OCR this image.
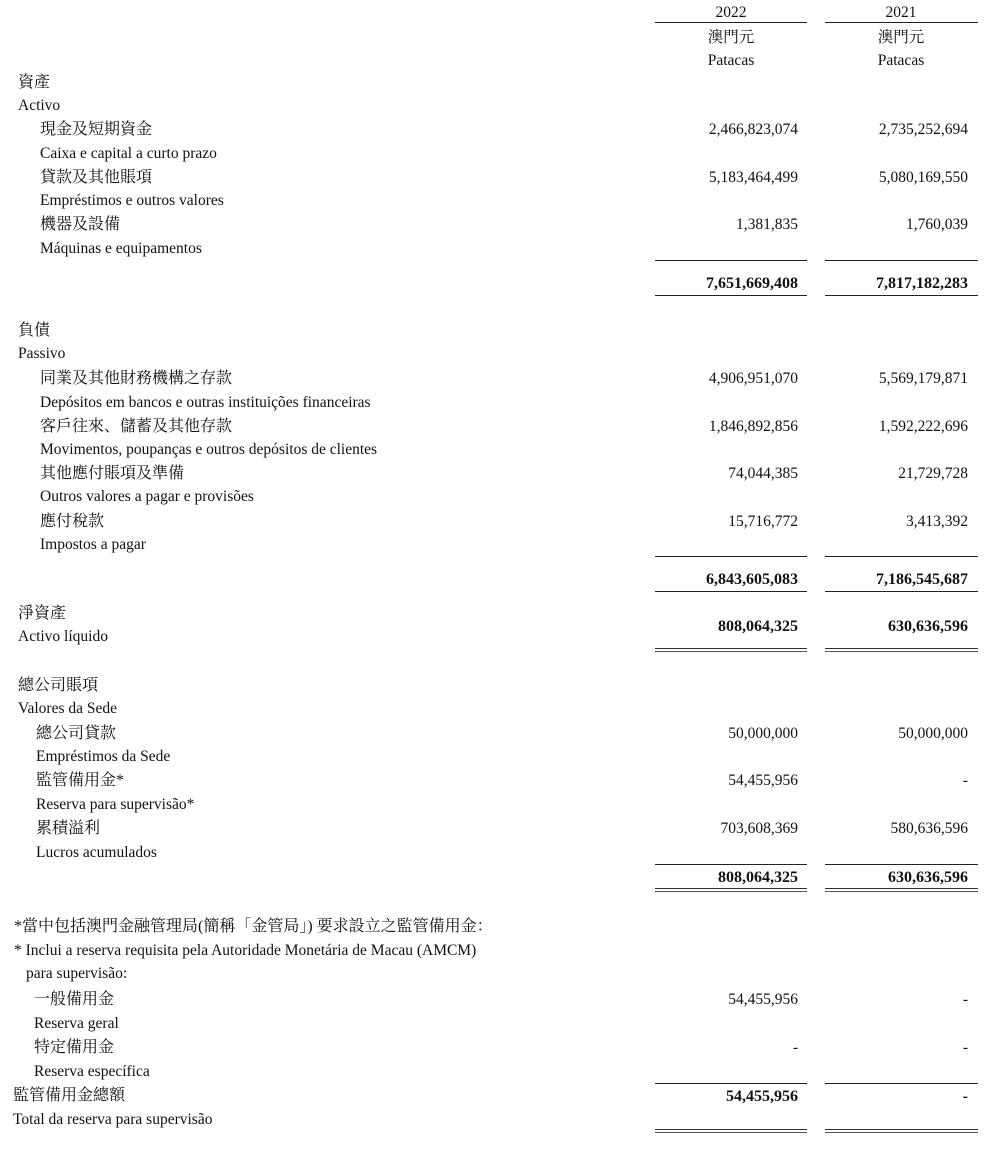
2022	2021
澳門元	澳門元
Patacas	Patacas
資產
Activo
現金及短期資金
Caixa e capital a curto prazo
2,466,823,074	2,735,252,694
貸款及其他賬項
Empréstimos e outros valores
5,183,464,499	5,080,169,550
機器及設備
Máquinas e equipamentos
1,381,835	1,760,039
7,651,669,408	7,817,182,283
負債
Passivo
同業及其他財務機構之存款
Depósitos em bancos e outras instituições financeiras
4,906,951,070	5,569,179,871
客戶往來、儲蓄及其他存款
Movimentos, poupanças e outros depósitos de clientes
1,846,892,856	1,592,222,696
其他應付賬項及準備
Outros valores a pagar e provisões
74,044,385	21,729,728
應付稅款
Impostos a pagar
15,716,772	3,413,392
6,843,605,083	7,186,545,687
淨資產
Activo líquido
808,064,325	630,636,596
總公司賬項
Valores da Sede
總公司貸款
Empréstimos da Sede
50,000,000	50,000,000
監管備用金*
Reserva para supervisão*
54,455,956	-
累積溢利
Lucros acumulados
703,608,369	580,636,596
808,064,325	630,636,596
*當中包括澳門金融管理局(簡稱「金管局」) 要求設立之監管備用金：
* Inclui a reserva requisita pela Autoridade Monetária de Macau (AMCM)
para supervisão:
一般備用金
Reserva geral
54,455,956	-
特定備用金
Reserva específica
-	-
監管備用金總額
Total da reserva para supervisão
54,455,956	-
